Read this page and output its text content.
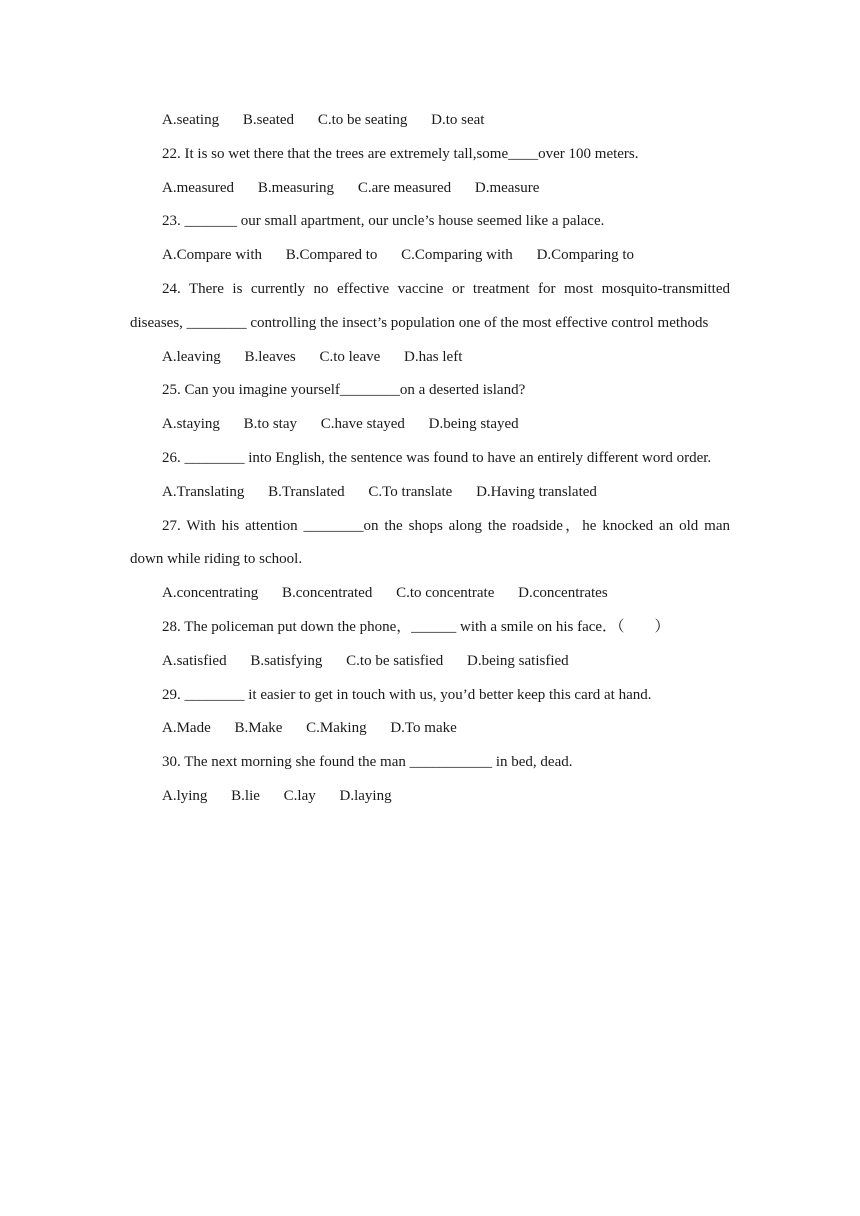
A.seating B.seated C.to be seating D.to seat
22. It is so wet there that the trees are extremely tall,some____over 100 meters.
A.measured B.measuring C.are measured D.measure
23. _______ our small apartment, our uncle’s house seemed like a palace.
A.Compare with B.Compared to C.Comparing with D.Comparing to
24. There is currently no effective vaccine or treatment for most mosquito-transmitted diseases, ________ controlling the insect’s population one of the most effective control methods
A.leaving B.leaves C.to leave D.has left
25. Can you imagine yourself________on a deserted island?
A.staying B.to stay C.have stayed D.being stayed
26. ________ into English, the sentence was found to have an entirely different word order.
A.Translating B.Translated C.To translate D.Having translated
27. With his attention ________on the shops along the roadside，he knocked an old man down while riding to school.
A.concentrating B.concentrated C.to concentrate D.concentrates
28. The policeman put down the phone，______ with a smile on his face．（　　）
A.satisfied B.satisfying C.to be satisfied D.being satisfied
29. ________ it easier to get in touch with us, you’d better keep this card at hand.
A.Made B.Make C.Making D.To make
30. The next morning she found the man ___________ in bed, dead.
A.lying B.lie C.lay D.laying
